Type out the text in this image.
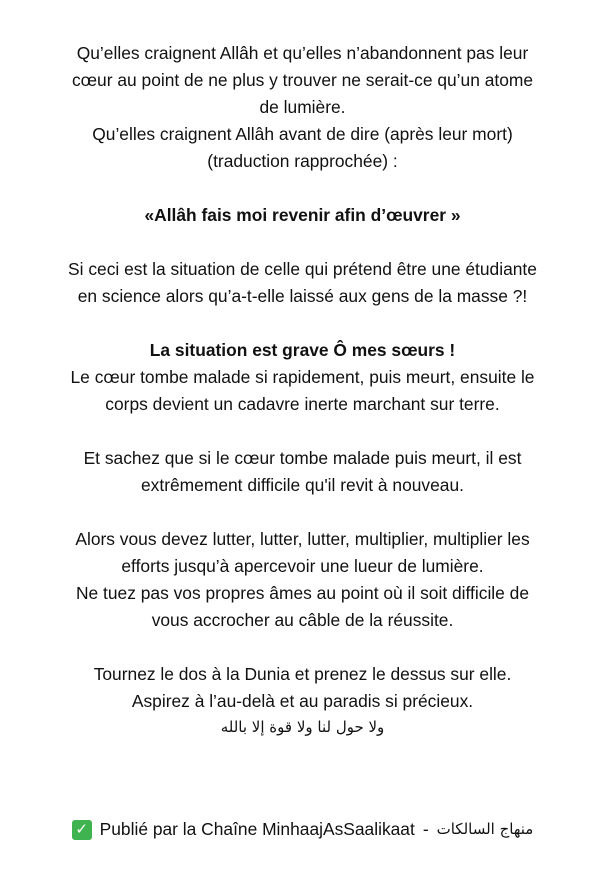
Qu’elles craignent Allâh et qu’elles n’abandonnent pas leur

cœur au point de ne plus y trouver ne serait-ce qu’un atome

de lumière.

Qu’elles craignent Allâh avant de dire (après leur mort)

(traduction rapprochée) :

«Allâh fais moi revenir afin d’œuvrer »

Si ceci est la situation de celle qui prétend être une étudiante

en science alors qu’a-t-elle laissé aux gens de la masse ?!

La situation est grave Ô mes sœurs !

Le cœur tombe malade si rapidement, puis meurt, ensuite le

corps devient un cadavre inerte marchant sur terre.

Et sachez que si le cœur tombe malade puis meurt, il est

extrêmement difficile qu'il revit à nouveau.

Alors vous devez lutter, lutter, lutter, multiplier, multiplier les

efforts jusqu’à apercevoir une lueur de lumière.

Ne tuez pas vos propres âmes au point où il soit difficile de

vous accrocher au câble de la réussite.

Tournez le dos à la Dunia et prenez le dessus sur elle.

Aspirez à l’au-delà et au paradis si précieux.

ولا حول لنا ولا قوة إلا بالله

✓ Publié par la Chaîne MinhaajAsSaalikaat - منهاج السالكات
